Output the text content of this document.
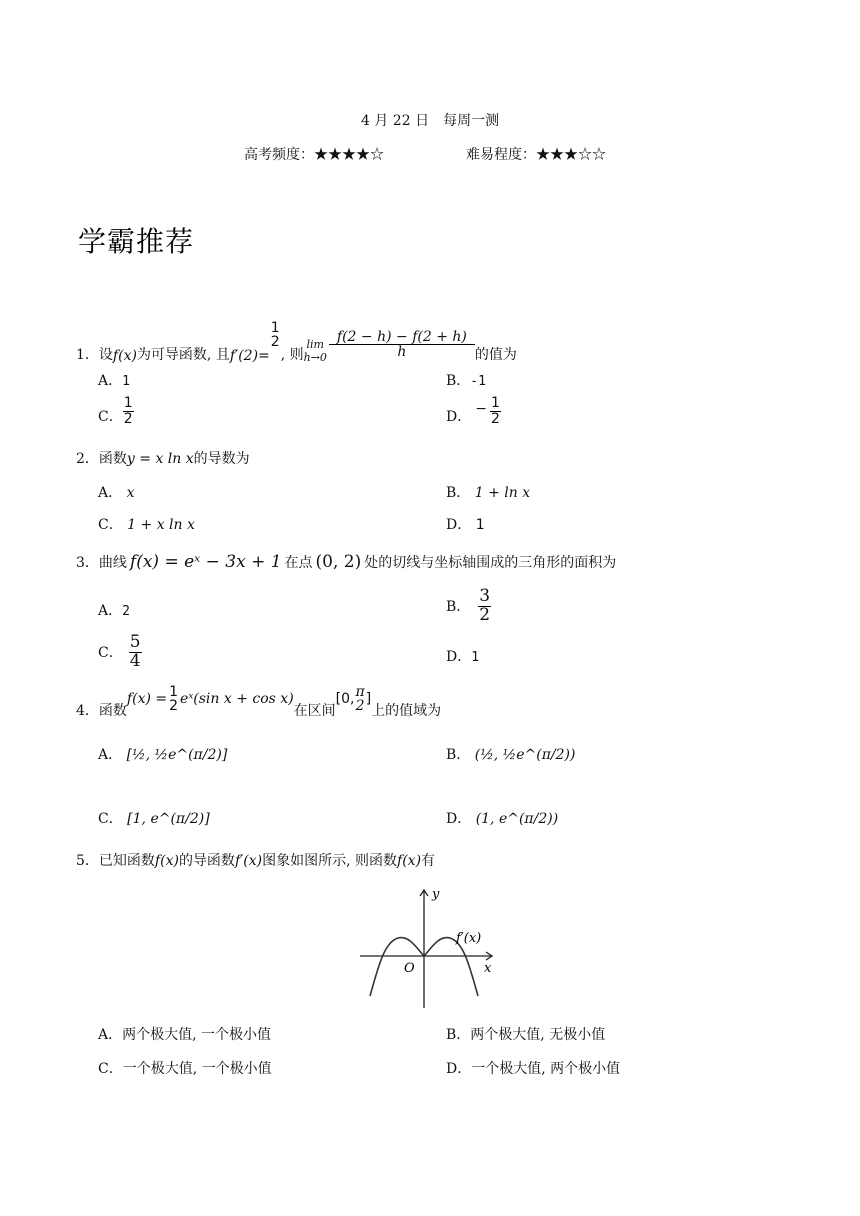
4 月 22 日　每周一测
高考频度：★★★★☆	难易程度：★★★☆☆
学霸推荐
1． 设 f(x) 为可导函数, 且 f′(2)=
1
2
, 则
lim
$h\to 0 \frac{f(2 - h) - f(2 + h)}{h}$ 的值为
A．1	B．-1
C． $\frac{1}{2}$	D． − $\frac{1}{2}$
2．函数y = x ln x的导数为
A． x	B． 1 + ln x
C． 1 + x ln x	D． 1
3． 曲线 f(x) = eˣ − 3x + 1 在点 (0, 2) 处的切线与坐标轴围成的三角形的面积为
A．2	B． $\frac{3}{2}$
C． $\frac{5}{4}$	D．1
4． 函数
f(x) = 1
2 eˣ(sin x + cos x)
在区间
[0, π
2 ]
上的值域为
A． [½, ½e^(π/2)]	B． (½, ½e^(π/2))
C． [1, e^(π/2)]	D． (1, e^(π/2))
5．已知函数f(x)的导函数f′(x)图象如图所示, 则函数f(x)有
y
x
O
f′(x)
A．两个极大值, 一个极小值	B．两个极大值, 无极小值
C．一个极大值, 一个极小值	D．一个极大值, 两个极小值
